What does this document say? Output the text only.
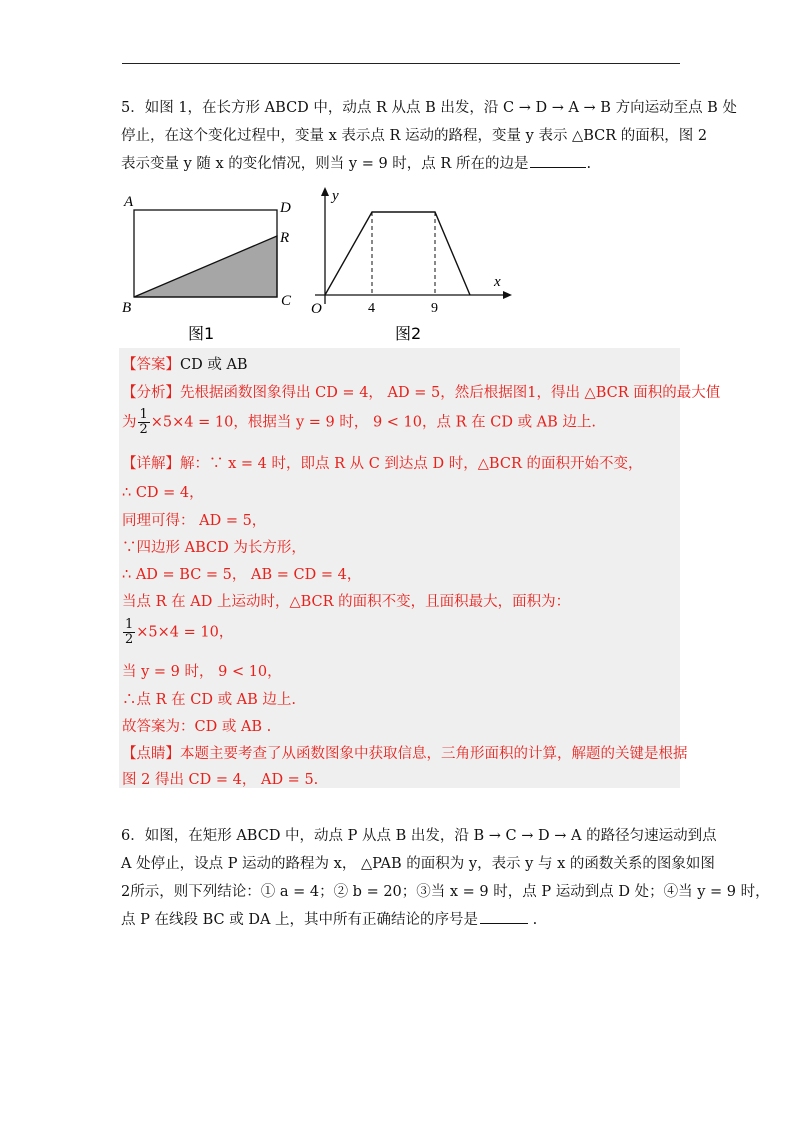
5．如图 1，在长方形 ABCD 中，动点 R 从点 B 出发，沿 C → D → A → B 方向运动至点 B 处

停止，在这个变化过程中，变量 x 表示点 R 运动的路程，变量 y 表示 △BCR 的面积，图 2

表示变量 y 随 x 的变化情况，则当 y = 9 时，点 R 所在的边是	.

A	D
R
B	C
图1
y
x
O	4	9
图2
【答案】CD 或 AB
【分析】先根据函数图象得出 CD = 4， AD = 5，然后根据图1，得出 △BCR 面积的最大值
为 $\frac{1}{2} \times 5\times 4 = 10$，根据当 y = 9 时， 9 < 10，点 R 在 CD 或 AB 边上.
【详解】解：∵ x = 4 时，即点 R 从 C 到达点 D 时，△BCR 的面积开始不变，
∴ CD = 4，
同理可得： AD = 5，
∵四边形 ABCD 为长方形，
∴ AD = BC = 5， AB = CD = 4，
当点 R 在 AD 上运动时，△BCR 的面积不变，且面积最大，面积为：
$\frac{1}{2} \times 5\times 4 = 10$，
当 y = 9 时， 9 < 10，
∴点 R 在 CD 或 AB 边上.
故答案为：CD 或 AB .
【点睛】本题主要考查了从函数图象中获取信息，三角形面积的计算，解题的关键是根据
图 2 得出 CD = 4， AD = 5.

6．如图，在矩形 ABCD 中，动点 P 从点 B 出发，沿 B → C → D → A 的路径匀速运动到点

A 处停止，设点 P 运动的路程为 x， △PAB 的面积为 y，表示 y 与 x 的函数关系的图象如图

2所示，则下列结论：① a = 4；② b = 20；③当 x = 9 时，点 P 运动到点 D 处；④当 y = 9 时，

点 P 在线段 BC 或 DA 上，其中所有正确结论的序号是	.
